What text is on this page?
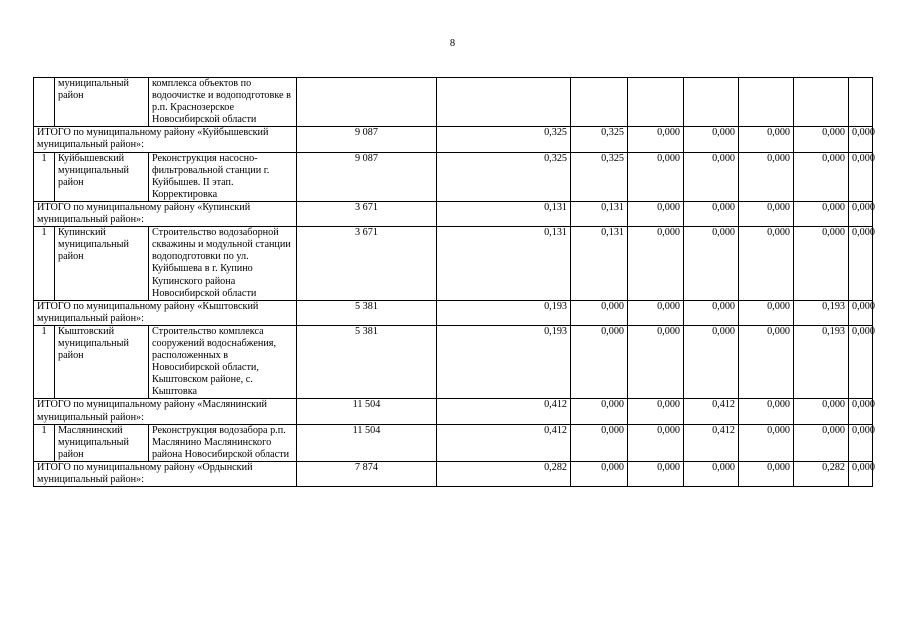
8
	муниципальный район	комплекса объектов по водоочистке и водоподготовке в р.п. Краснозерское Новосибирской области								
ИТОГО по муниципальному району «Куйбышевский муниципальный район»:			9 087	0,325	0,325	0,000	0,000	0,000	0,000	0,000
1	Куйбышевский муниципальный район	Реконструкция насосно-фильтровальной станции г. Куйбышев. II этап. Корректировка	9 087	0,325	0,325	0,000	0,000	0,000	0,000	0,000
ИТОГО по муниципальному району «Купинский муниципальный район»:			3 671	0,131	0,131	0,000	0,000	0,000	0,000	0,000
1	Купинский муниципальный район	Строительство водозаборной скважины и модульной станции водоподготовки по ул. Куйбышева в г. Купино Купинского района Новосибирской области	3 671	0,131	0,131	0,000	0,000	0,000	0,000	0,000
ИТОГО по муниципальному району «Кыштовский муниципальный район»:			5 381	0,193	0,000	0,000	0,000	0,000	0,193	0,000
1	Кыштовский муниципальный район	Строительство комплекса сооружений водоснабжения, расположенных в Новосибирской области, Кыштовском районе, с. Кыштовка	5 381	0,193	0,000	0,000	0,000	0,000	0,193	0,000
ИТОГО по муниципальному району «Маслянинский муниципальный район»:			11 504	0,412	0,000	0,000	0,412	0,000	0,000	0,000
1	Маслянинский муниципальный район	Реконструкция водозабора р.п. Маслянино Маслянинского района Новосибирской области	11 504	0,412	0,000	0,000	0,412	0,000	0,000	0,000
ИТОГО по муниципальному району «Ордынский муниципальный район»:			7 874	0,282	0,000	0,000	0,000	0,000	0,282	0,000
